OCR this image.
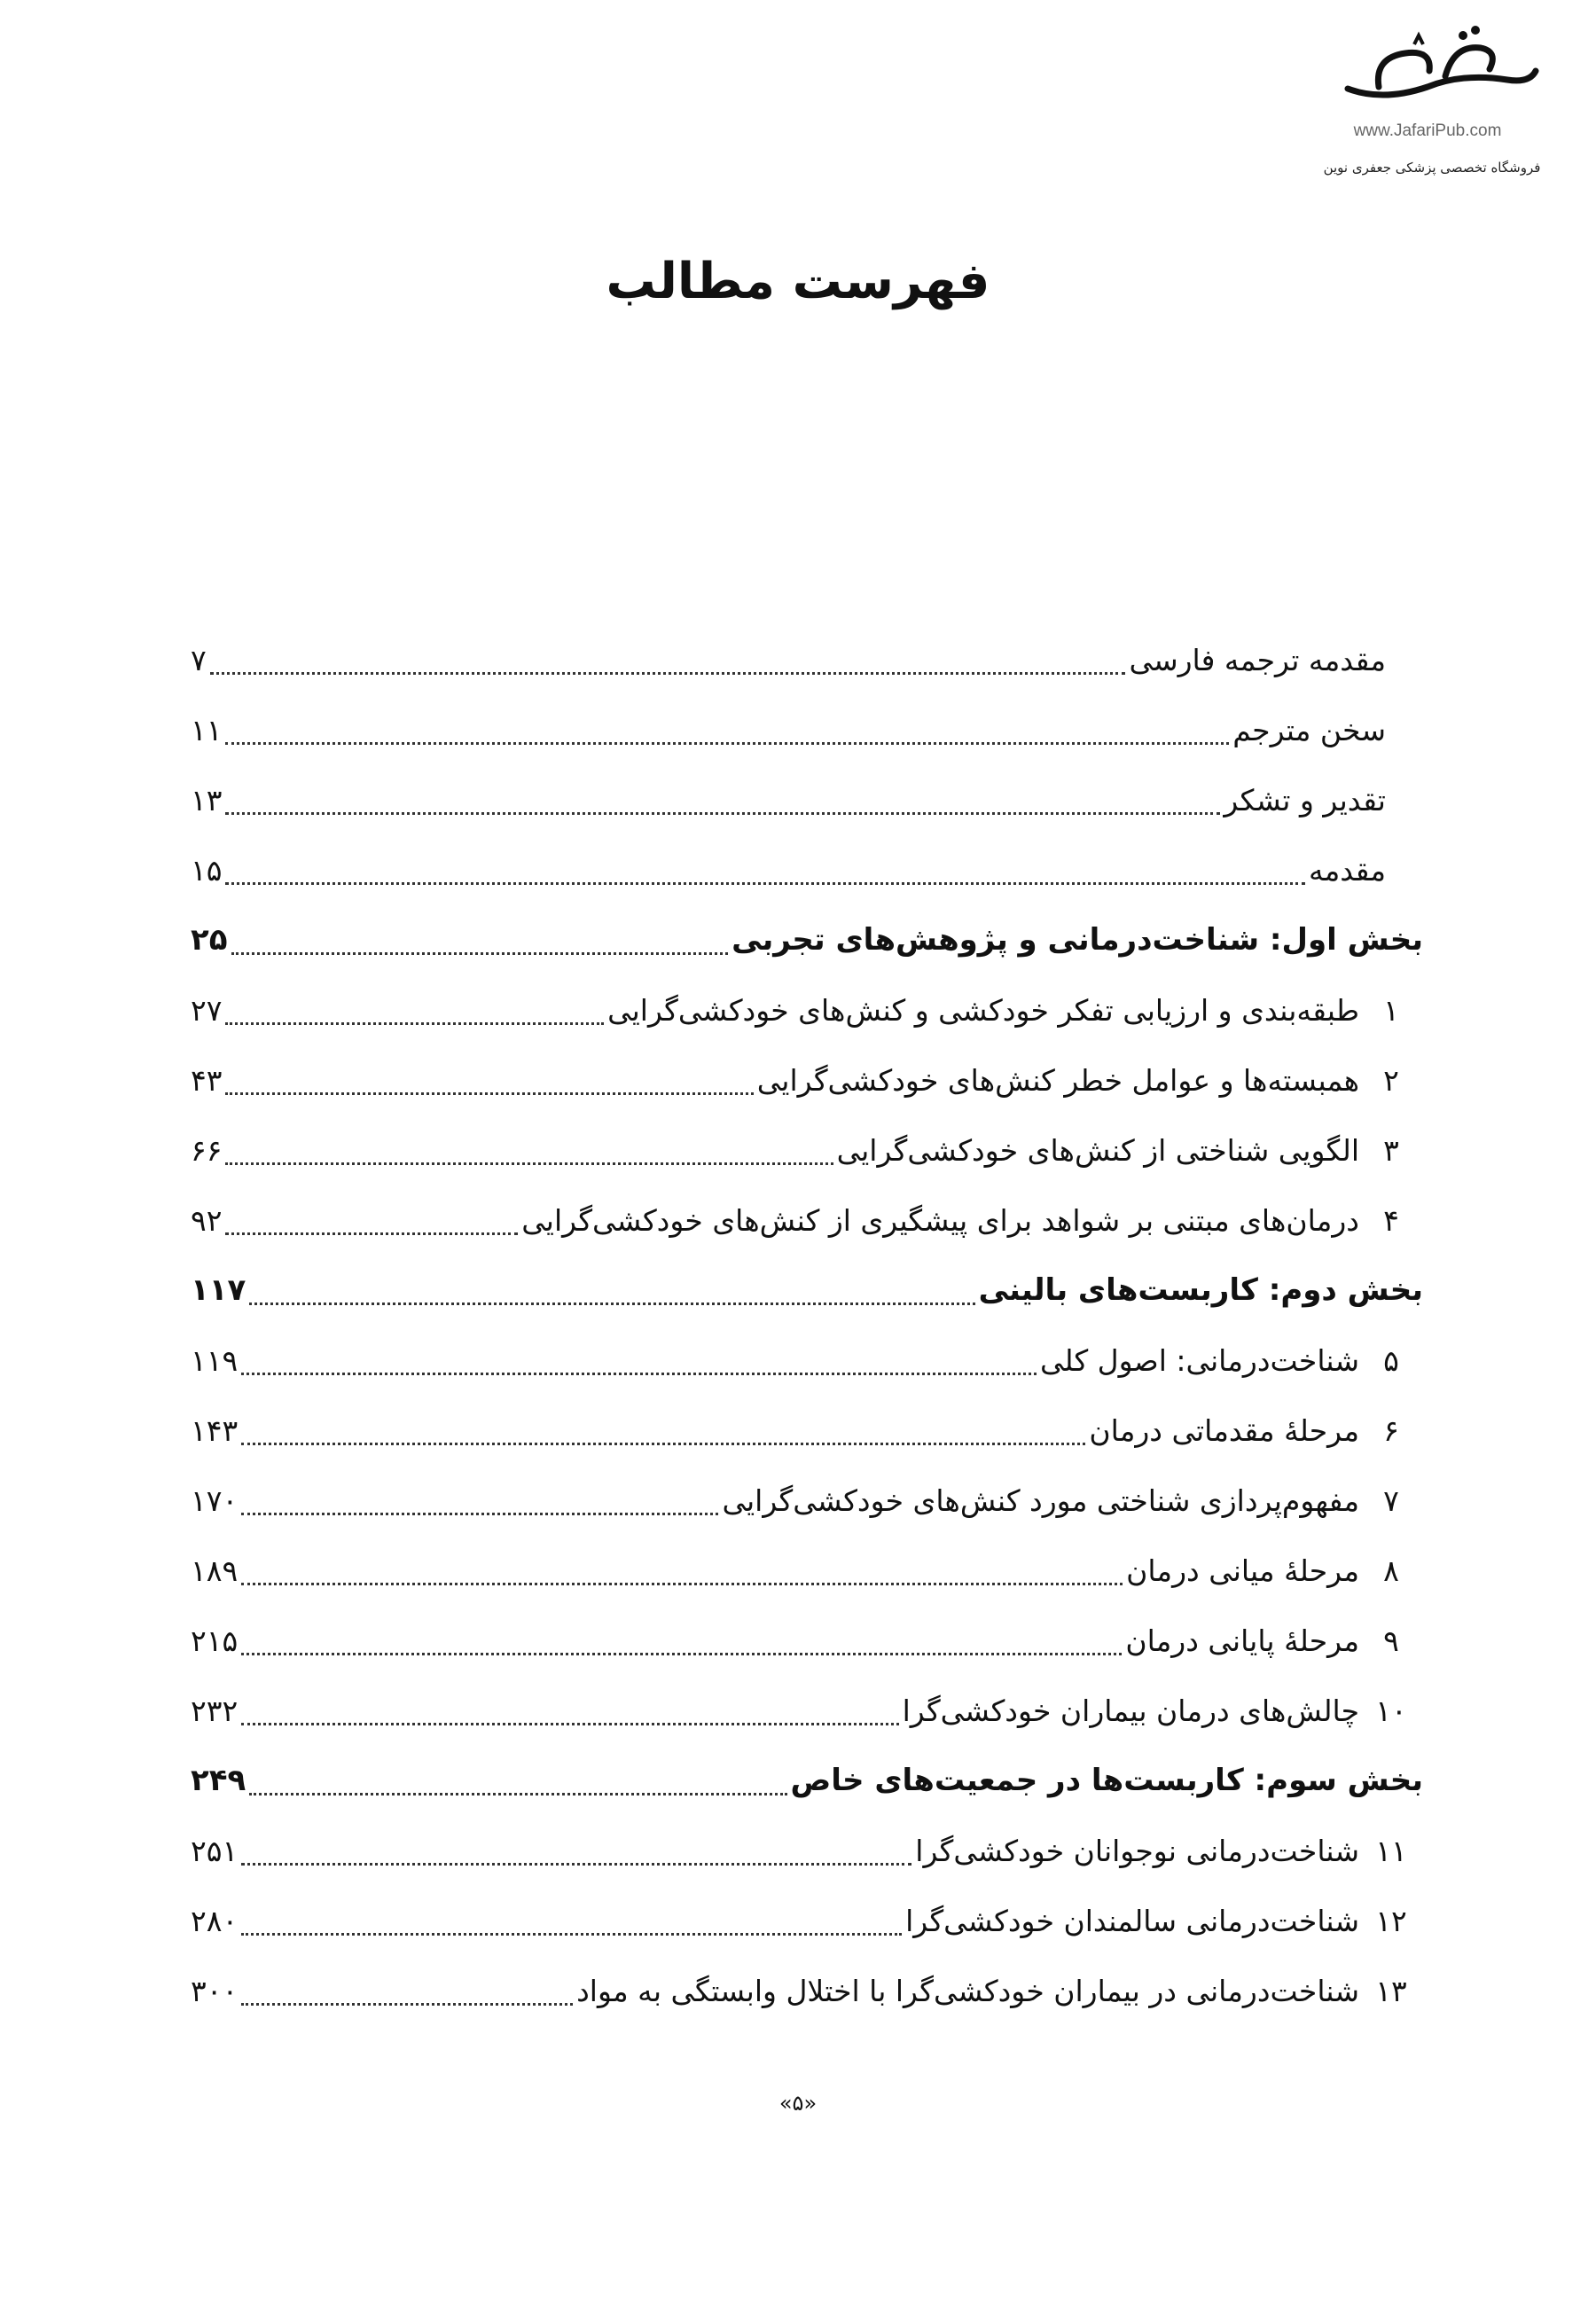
www.JafariPub.com
فروشگاه تخصصی پزشکی جعفری نوین
فهرست مطالب
مقدمه ترجمه فارسی
۷
سخن مترجم
۱۱
تقدیر و تشکر
۱۳
مقدمه
۱۵
بخش اول: شناخت‌درمانی و پژوهش‌های تجربی
۲۵
۱
طبقه‌بندی و ارزیابی تفکر خودکشی و کنش‌های خودکشی‌گرایی
۲۷
۲
همبسته‌ها و عوامل خطر کنش‌های خودکشی‌گرایی
۴۳
۳
الگویی شناختی از کنش‌های خودکشی‌گرایی
۶۶
۴
درمان‌های مبتنی بر شواهد برای پیشگیری از کنش‌های خودکشی‌گرایی
۹۲
بخش دوم: کاربست‌های بالینی
۱۱۷
۵
شناخت‌درمانی: اصول کلی
۱۱۹
۶
مرحلۀ مقدماتی درمان
۱۴۳
۷
مفهوم‌پردازی شناختی مورد کنش‌های خودکشی‌گرایی
۱۷۰
۸
مرحلۀ میانی درمان
۱۸۹
۹
مرحلۀ پایانی درمان
۲۱۵
۱۰
چالش‌های درمان بیماران خودکشی‌گرا
۲۳۲
بخش سوم: کاربست‌ها در جمعیت‌های خاص
۲۴۹
۱۱
شناخت‌درمانی نوجوانان خودکشی‌گرا
۲۵۱
۱۲
شناخت‌درمانی سالمندان خودکشی‌گرا
۲۸۰
۱۳
شناخت‌درمانی در بیماران خودکشی‌گرا با اختلال وابستگی به مواد
۳۰۰
«۵»
